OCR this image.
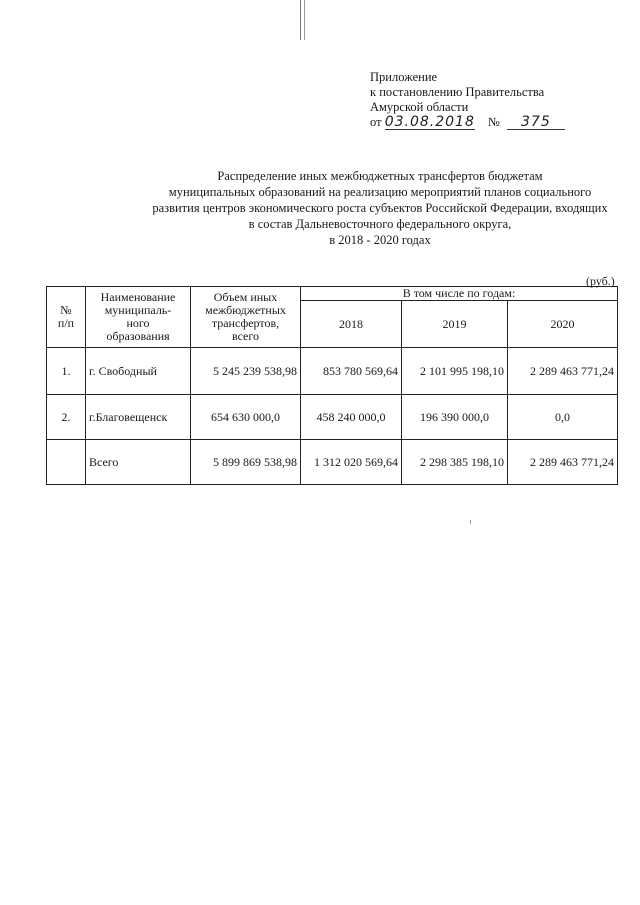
Приложение
к постановлению Правительства
Амурской области
от 03.08.2018 № 375
Распределение иных межбюджетных трансфертов бюджетам
муниципальных образований на реализацию мероприятий планов социального
развития центров экономического роста субъектов Российской Федерации, входящих
в состав Дальневосточного федерального округа,
в 2018 - 2020 годах
(руб.)
№
п/п	Наименование
муниципаль-
ного
образования	Объем иных
межбюджетных
трансфертов,
всего	В том числе по годам:		
			2018	2019	2020
1.	г. Свободный	5 245 239 538,98	853 780 569,64	2 101 995 198,10	2 289 463 771,24
2.	г.Благовещенск	654 630 000,0	458 240 000,0	196 390 000,0	0,0
	Всего	5 899 869 538,98	1 312 020 569,64	2 298 385 198,10	2 289 463 771,24
